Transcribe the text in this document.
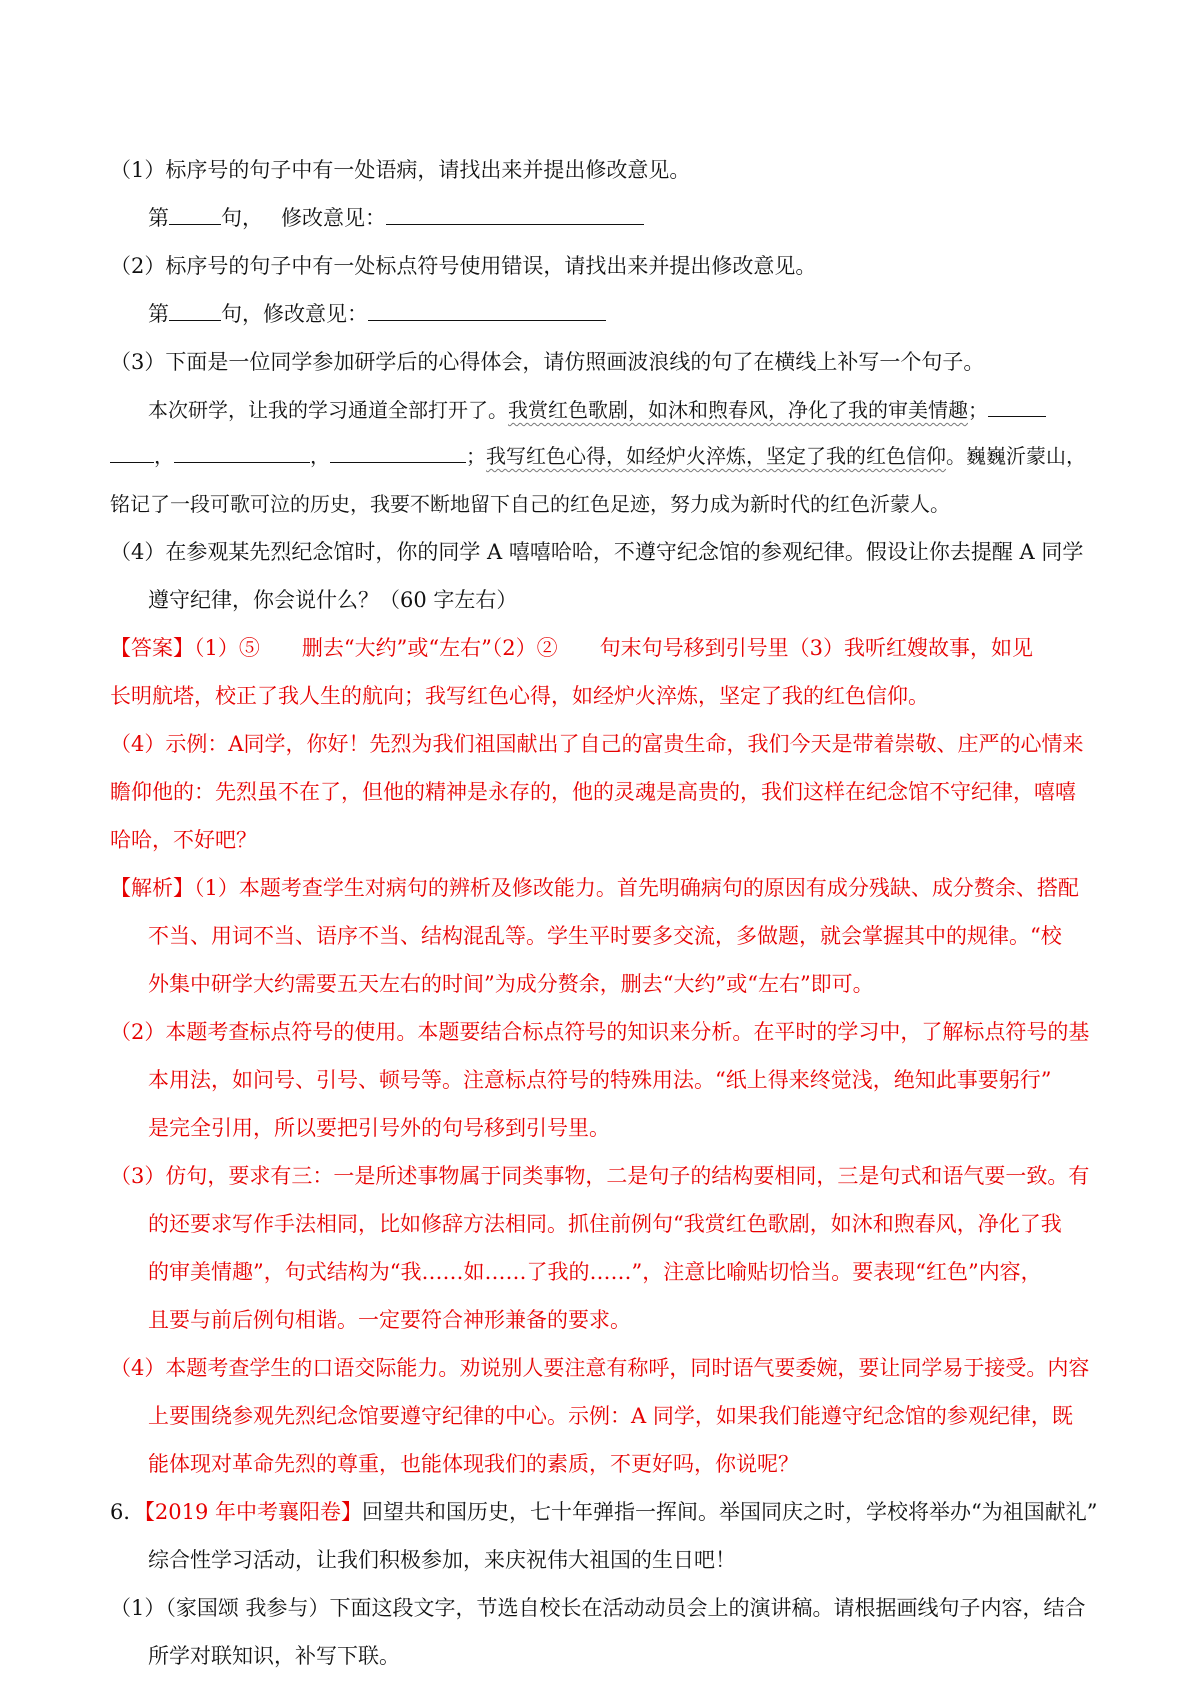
（1）标序号的句子中有一处语病，请找出来并提出修改意见。
第 句， 修改意见：
（2）标序号的句子中有一处标点符号使用错误，请找出来并提出修改意见。
第 句，修改意见：
（3）下面是一位同学参加研学后的心得体会，请仿照画波浪线的句了在横线上补写一个句子。
本次研学，让我的学习通道全部打开了。我赏红色歌剧，如沐和煦春风，净化了我的审美情趣；
，	，	；我写红色心得，如经炉火淬炼，坚定了我的红色信仰。巍巍沂蒙山，
铭记了一段可歌可泣的历史，我要不断地留下自己的红色足迹，努力成为新时代的红色沂蒙人。
（4）在参观某先烈纪念馆时，你的同学 A 嘻嘻哈哈，不遵守纪念馆的参观纪律。假设让你去提醒 A 同学
遵守纪律，你会说什么？（60 字左右）
【答案】（1）⑤　　删去“大约”或“左右”（2）②　　句末句号移到引号里（3）我听红嫂故事，如见
长明航塔，校正了我人生的航向；我写红色心得，如经炉火淬炼，坚定了我的红色信仰。
（4）示例：A同学，你好！先烈为我们祖国献出了自己的富贵生命，我们今天是带着崇敬、庄严的心情来
瞻仰他的：先烈虽不在了，但他的精神是永存的，他的灵魂是高贵的，我们这样在纪念馆不守纪律，嘻嘻
哈哈，不好吧？
【解析】（1）本题考查学生对病句的辨析及修改能力。首先明确病句的原因有成分残缺、成分赘余、搭配
不当、用词不当、语序不当、结构混乱等。学生平时要多交流，多做题，就会掌握其中的规律。“校
外集中研学大约需要五天左右的时间”为成分赘余，删去“大约”或“左右”即可。
（2）本题考查标点符号的使用。本题要结合标点符号的知识来分析。在平时的学习中，了解标点符号的基
本用法，如问号、引号、顿号等。注意标点符号的特殊用法。“纸上得来终觉浅，绝知此事要躬行”
是完全引用，所以要把引号外的句号移到引号里。
（3）仿句，要求有三：一是所述事物属于同类事物，二是句子的结构要相同，三是句式和语气要一致。有
的还要求写作手法相同，比如修辞方法相同。抓住前例句“我赏红色歌剧，如沐和煦春风，净化了我
的审美情趣”，句式结构为“我……如……了我的……”，注意比喻贴切恰当。要表现“红色”内容，
且要与前后例句相谐。一定要符合神形兼备的要求。
（4）本题考查学生的口语交际能力。劝说别人要注意有称呼，同时语气要委婉，要让同学易于接受。内容
上要围绕参观先烈纪念馆要遵守纪律的中心。示例：A 同学，如果我们能遵守纪念馆的参观纪律，既
能体现对革命先烈的尊重，也能体现我们的素质，不更好吗，你说呢？
6．【2019 年中考襄阳卷】回望共和国历史，七十年弹指一挥间。举国同庆之时，学校将举办“为祖国献礼”
综合性学习活动，让我们积极参加，来庆祝伟大祖国的生日吧！
（1）（家国颂 我参与）下面这段文字，节选自校长在活动动员会上的演讲稿。请根据画线句子内容，结合
所学对联知识，补写下联。
